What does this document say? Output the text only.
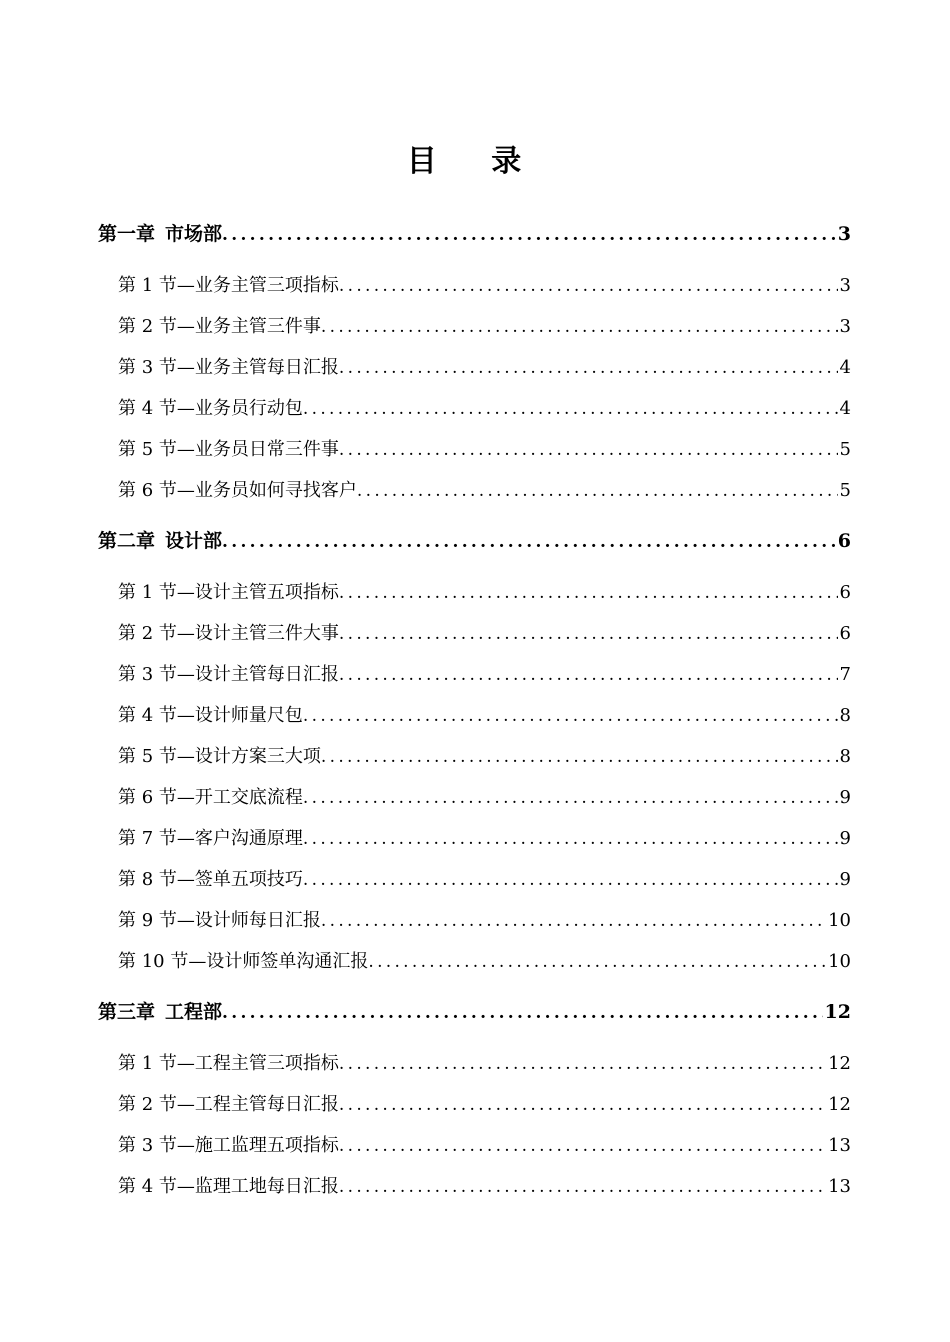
目 录
第一章 市场部 .....	3
第 1 节—业务主管三项指标 .....	3
第 2 节—业务主管三件事 .....	3
第 3 节—业务主管每日汇报 .....	4
第 4 节—业务员行动包 .....	4
第 5 节—业务员日常三件事 .....	5
第 6 节—业务员如何寻找客户 .....	5
第二章 设计部 .....	6
第 1 节—设计主管五项指标 .....	6
第 2 节—设计主管三件大事 .....	6
第 3 节—设计主管每日汇报 .....	7
第 4 节—设计师量尺包 .....	8
第 5 节—设计方案三大项 .....	8
第 6 节—开工交底流程 .....	9
第 7 节—客户沟通原理 .....	9
第 8 节—签单五项技巧 .....	9
第 9 节—设计师每日汇报 .....	10
第 10 节—设计师签单沟通汇报 .....	10
第三章 工程部 .....	12
第 1 节—工程主管三项指标 .....	12
第 2 节—工程主管每日汇报 .....	12
第 3 节—施工监理五项指标 .....	13
第 4 节—监理工地每日汇报 .....	13
